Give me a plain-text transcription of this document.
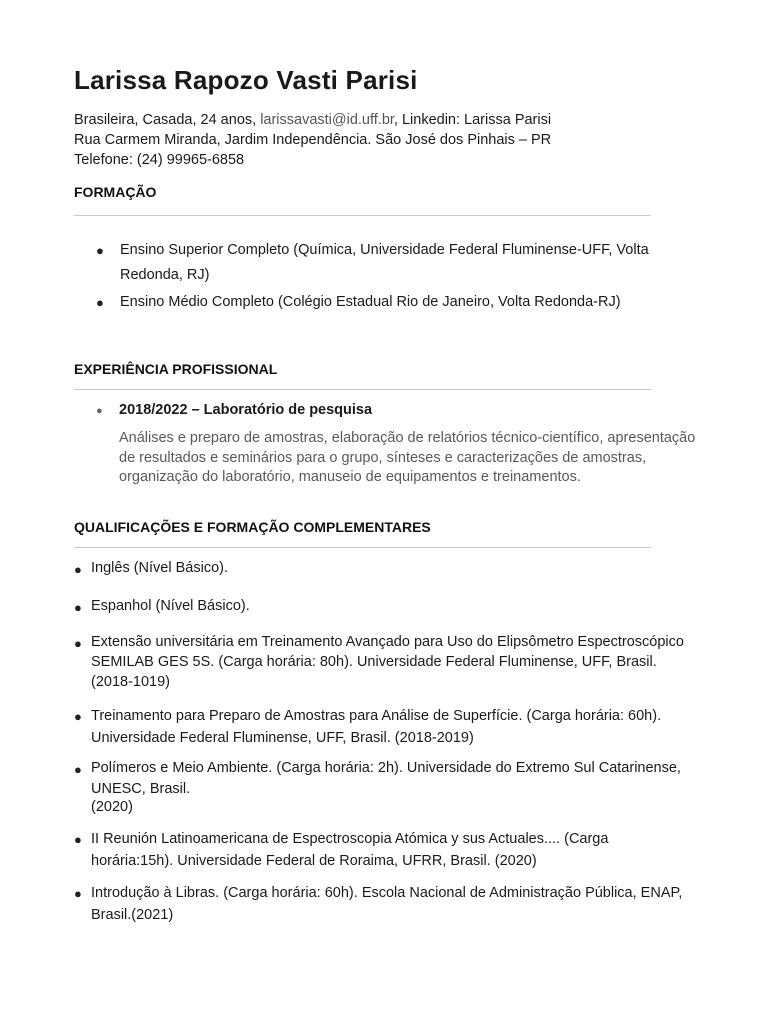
Larissa Rapozo Vasti Parisi
Brasileira, Casada, 24 anos, larissavasti@id.uff.br, Linkedin: Larissa Parisi
Rua Carmem Miranda, Jardim Independência. São José dos Pinhais – PR
Telefone: (24) 99965-6858
FORMAÇÃO
● Ensino Superior Completo (Química, Universidade Federal Fluminense-UFF, Volta Redonda, RJ)
● Ensino Médio Completo (Colégio Estadual Rio de Janeiro, Volta Redonda-RJ)
EXPERIÊNCIA PROFISSIONAL
● 2018/2022 – Laboratório de pesquisa
Análises e preparo de amostras, elaboração de relatórios técnico-científico, apresentação de resultados e seminários para o grupo, sínteses e caracterizações de amostras, organização do laboratório, manuseio de equipamentos e treinamentos.
QUALIFICAÇÕES E FORMAÇÃO COMPLEMENTARES
● Inglês (Nível Básico).
● Espanhol (Nível Básico).
● Extensão universitária em Treinamento Avançado para Uso do Elipsômetro Espectroscópico SEMILAB GES 5S. (Carga horária: 80h). Universidade Federal Fluminense, UFF, Brasil. (2018-1019)
● Treinamento para Preparo de Amostras para Análise de Superfície. (Carga horária: 60h). Universidade Federal Fluminense, UFF, Brasil. (2018-2019)
● Polímeros e Meio Ambiente. (Carga horária: 2h). Universidade do Extremo Sul Catarinense, UNESC, Brasil.
(2020)
● II Reunión Latinoamericana de Espectroscopia Atómica y sus Actuales.... (Carga horária:15h). Universidade Federal de Roraima, UFRR, Brasil. (2020)
● Introdução à Libras. (Carga horária: 60h). Escola Nacional de Administração Pública, ENAP, Brasil.(2021)
